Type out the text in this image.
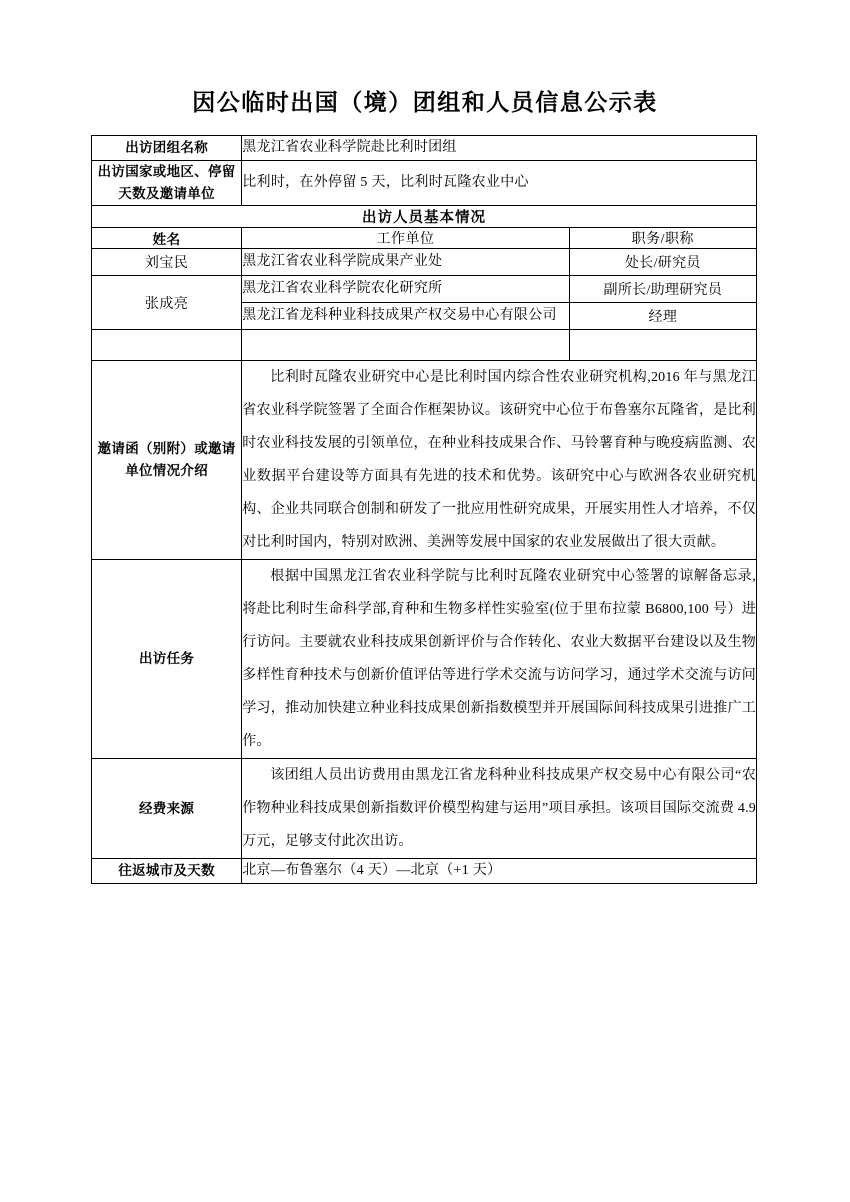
因公临时出国（境）团组和人员信息公示表
出访团组名称	黑龙江省农业科学院赴比利时团组	
出访国家或地区、停留天数及邀请单位	比利时，在外停留 5 天，比利时瓦隆农业中心	
出访人员基本情况		
姓名	工作单位	职务/职称
刘宝民	黑龙江省农业科学院成果产业处	处长/研究员
张成亮	黑龙江省农业科学院农化研究所	副所长/助理研究员
	黑龙江省龙科种业科技成果产权交易中心有限公司	经理

邀请函（别附）或邀请单位情况介绍	比利时瓦隆农业研究中心是比利时国内综合性农业研究机构,2016 年与黑龙江省农业科学院签署了全面合作框架协议。该研究中心位于布鲁塞尔瓦隆省，是比利时农业科技发展的引领单位，在种业科技成果合作、马铃薯育种与晚疫病监测、农业数据平台建设等方面具有先进的技术和优势。该研究中心与欧洲各农业研究机构、企业共同联合创制和研发了一批应用性研究成果，开展实用性人才培养，不仅对比利时国内，特别对欧洲、美洲等发展中国家的农业发展做出了很大贡献。	

出访任务	根据中国黑龙江省农业科学院与比利时瓦隆农业研究中心签署的谅解备忘录,将赴比利时生命科学部,育种和生物多样性实验室(位于里布拉蒙 B6800,100 号）进行访问。主要就农业科技成果创新评价与合作转化、农业大数据平台建设以及生物多样性育种技术与创新价值评估等进行学术交流与访问学习，通过学术交流与访问学习，推动加快建立种业科技成果创新指数模型并开展国际间科技成果引进推广工作。	

经费来源	该团组人员出访费用由黑龙江省龙科种业科技成果产权交易中心有限公司“农作物种业科技成果创新指数评价模型构建与运用”项目承担。该项目国际交流费 4.9 万元，足够支付此次出访。	

往返城市及天数	北京—布鲁塞尔（4 天）—北京（+1 天）	
